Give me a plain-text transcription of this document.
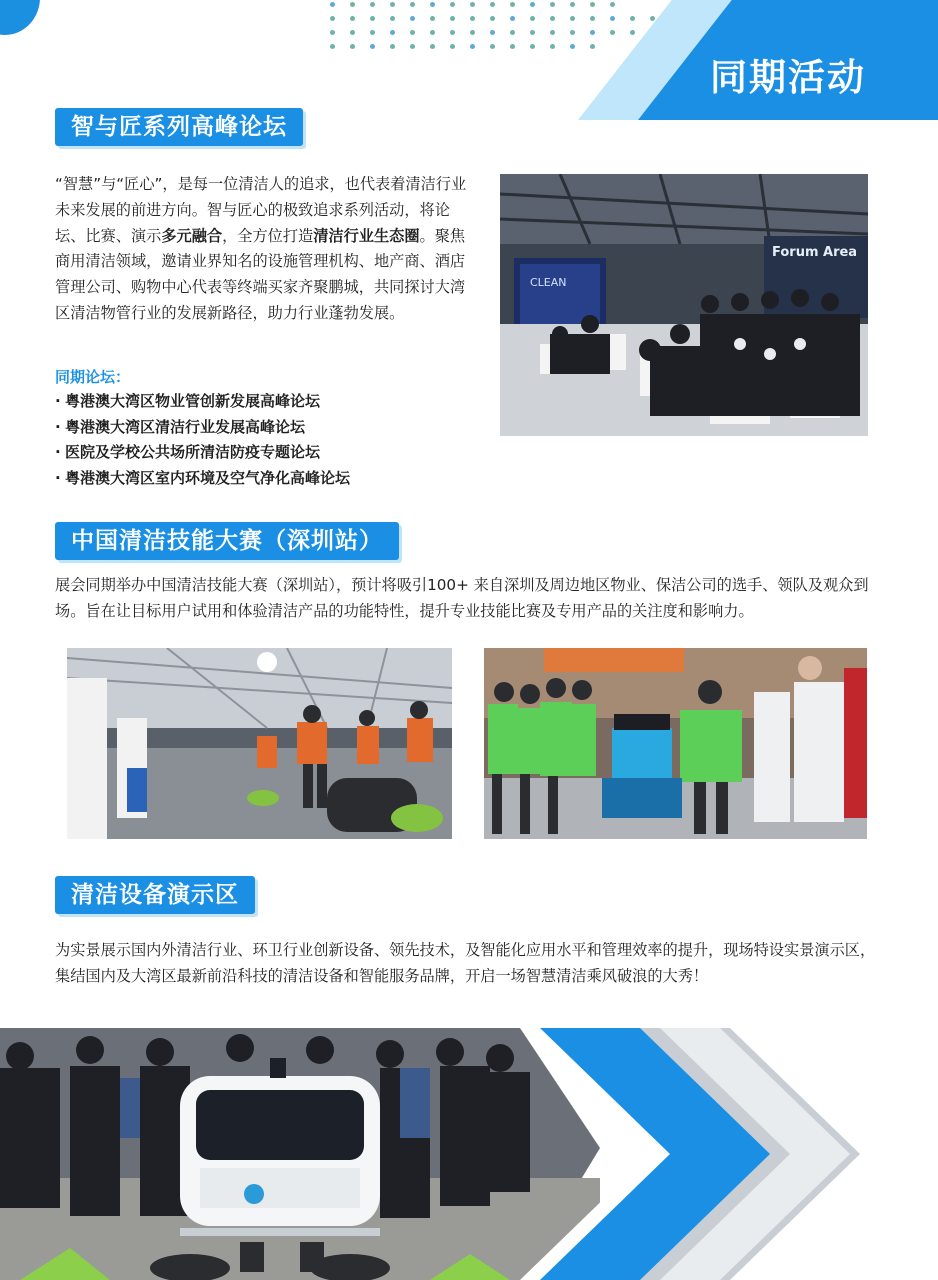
同期活动
智与匠系列高峰论坛
“智慧”与“匠心”，是每一位清洁人的追求，也代表着清洁行业未来发展的前进方向。智与匠心的极致追求系列活动，将论坛、比赛、演示多元融合，全方位打造清洁行业生态圈。聚焦商用清洁领域，邀请业界知名的设施管理机构、地产商、酒店管理公司、购物中心代表等终端买家齐聚鹏城，共同探讨大湾区清洁物管行业的发展新路径，助力行业蓬勃发展。
同期论坛：
· 粤港澳大湾区物业管创新发展高峰论坛
· 粤港澳大湾区清洁行业发展高峰论坛
· 医院及学校公共场所清洁防疫专题论坛
· 粤港澳大湾区室内环境及空气净化高峰论坛
CLEAN
Forum Area
中国清洁技能大赛（深圳站）
展会同期举办中国清洁技能大赛（深圳站），预计将吸引100+ 来自深圳及周边地区物业、保洁公司的选手、领队及观众到场。旨在让目标用户试用和体验清洁产品的功能特性，提升专业技能比赛及专用产品的关注度和影响力。
清洁设备演示区
为实景展示国内外清洁行业、环卫行业创新设备、领先技术，及智能化应用水平和管理效率的提升，现场特设实景演示区，集结国内及大湾区最新前沿科技的清洁设备和智能服务品牌，开启一场智慧清洁乘风破浪的大秀！
